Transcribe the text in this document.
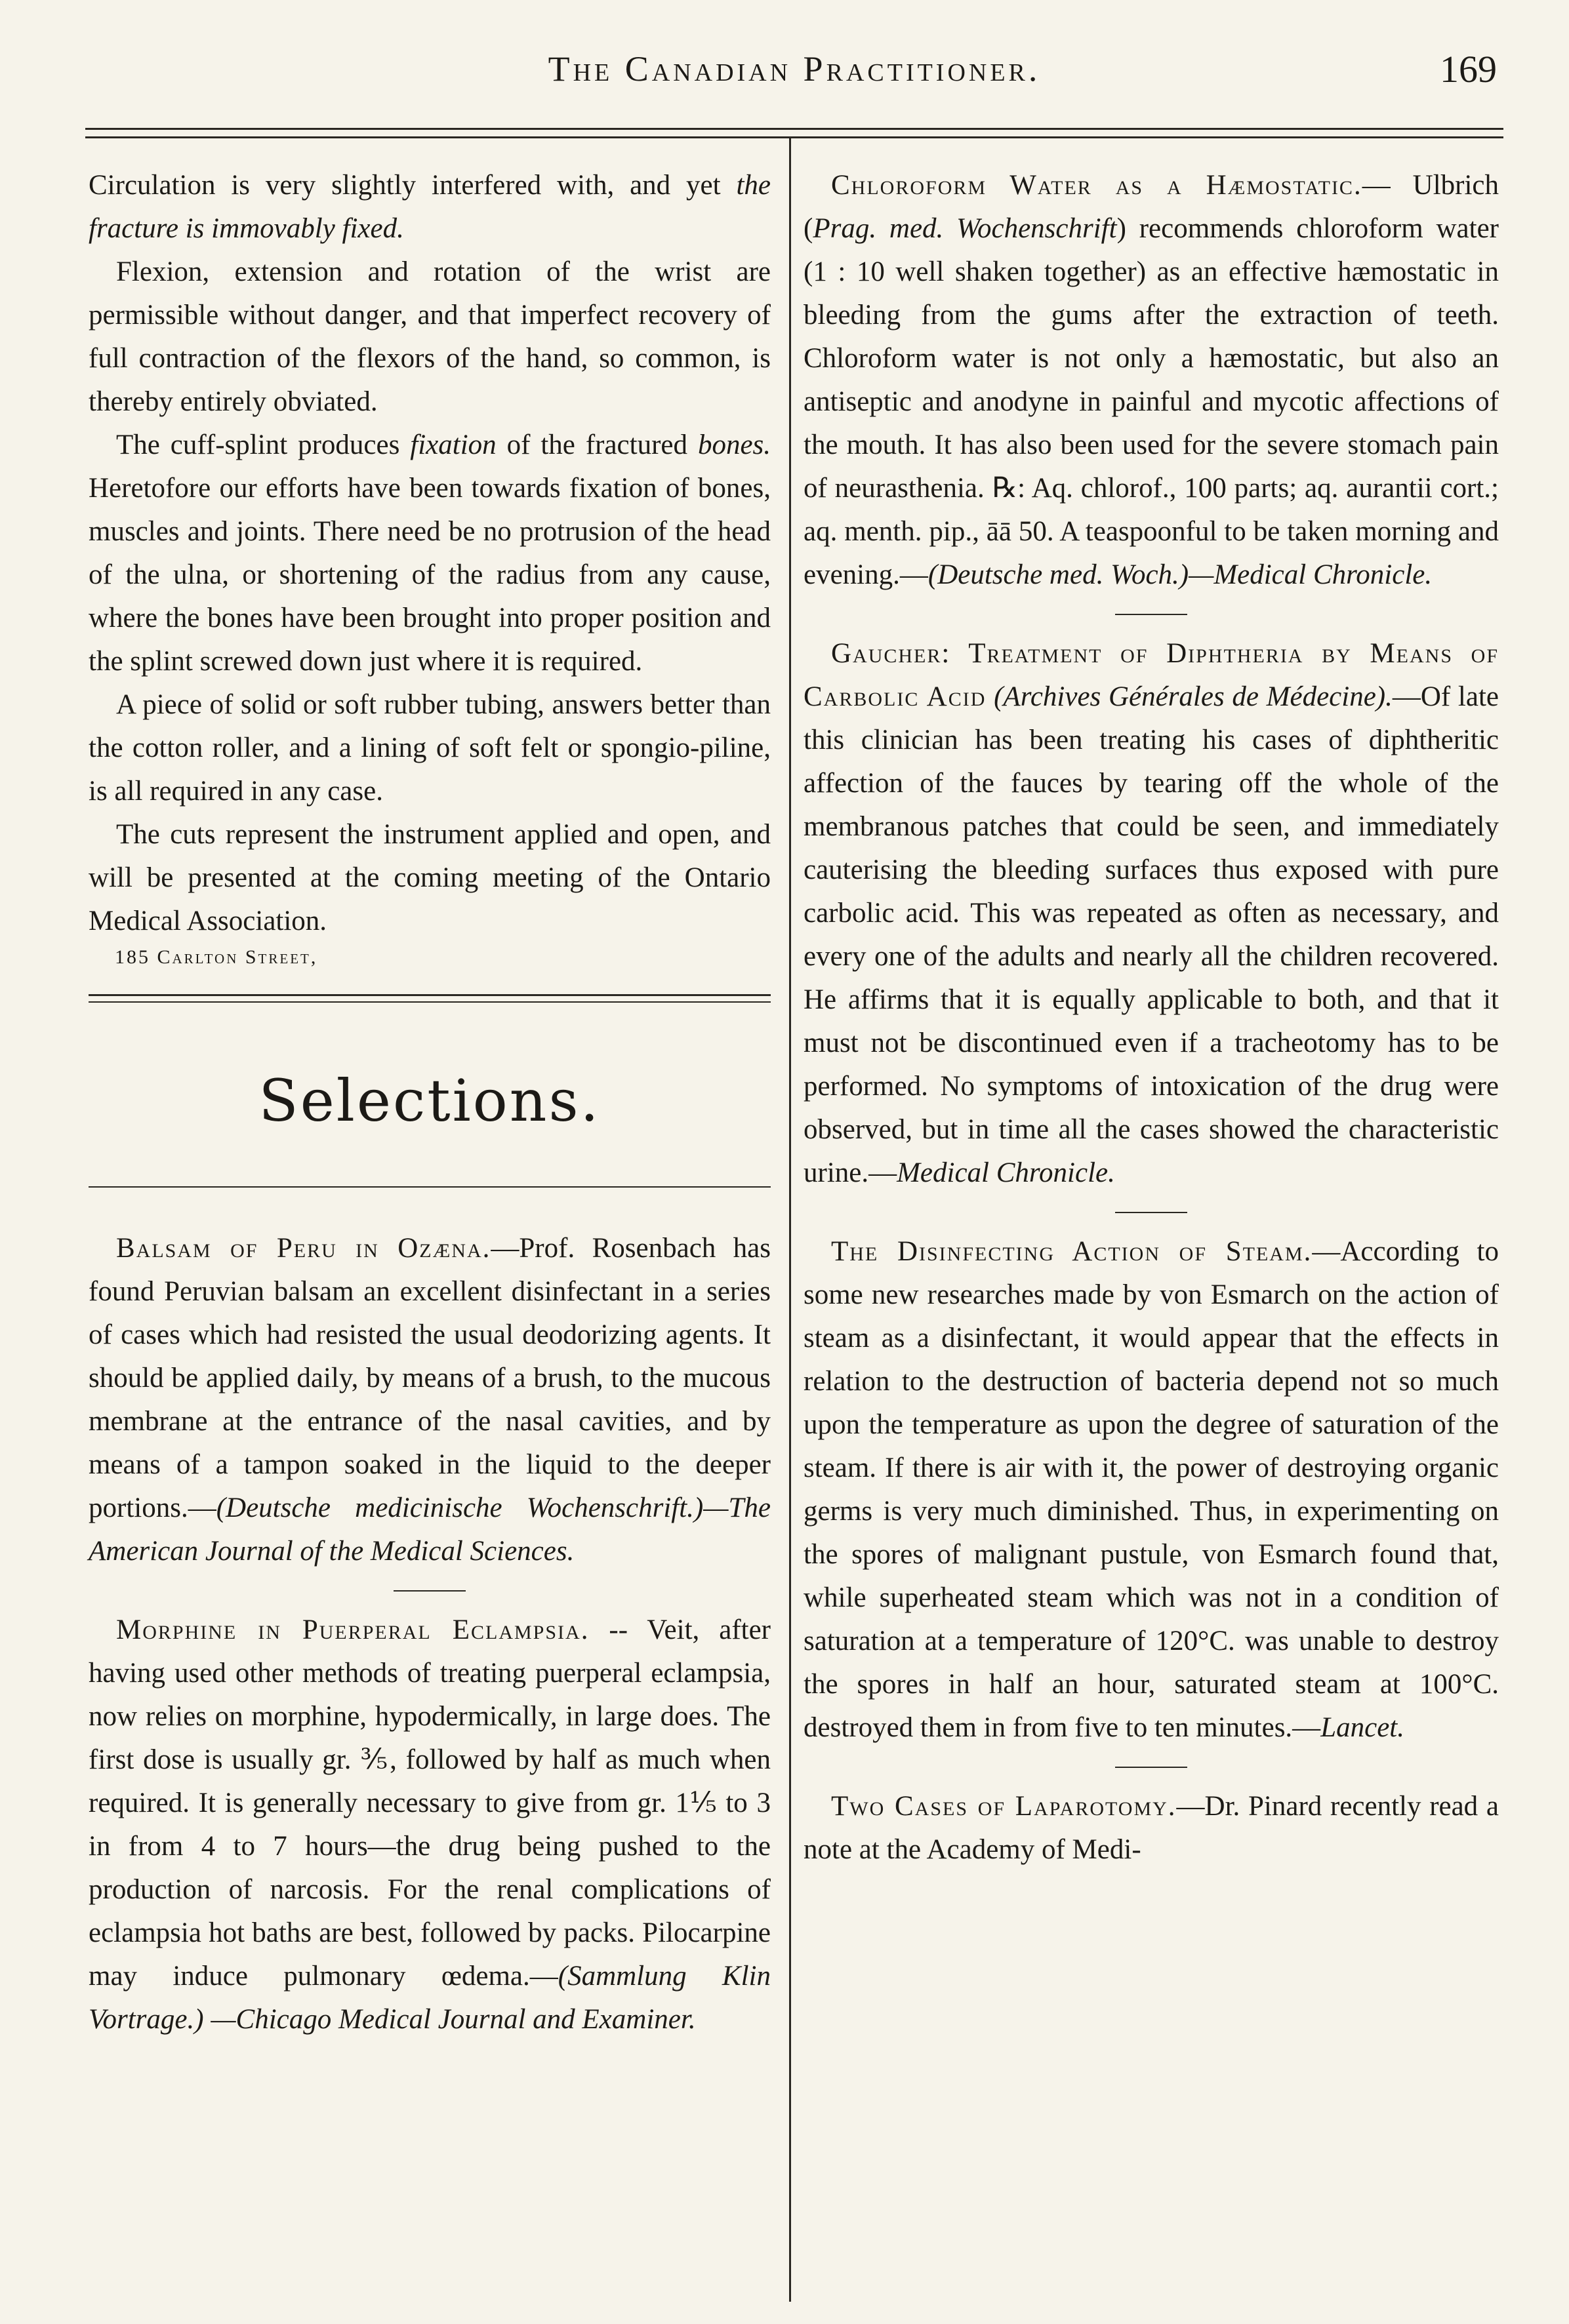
The Canadian Practitioner.	169

Circulation is very slightly interfered with, and yet the fracture is immovably fixed.

Flexion, extension and rotation of the wrist are permissible without danger, and that imperfect recovery of full contraction of the flexors of the hand, so common, is thereby entirely obviated.

The cuff-splint produces fixation of the fractured bones. Heretofore our efforts have been towards fixation of bones, muscles and joints. There need be no protrusion of the head of the ulna, or shortening of the radius from any cause, where the bones have been brought into proper position and the splint screwed down just where it is required.

A piece of solid or soft rubber tubing, answers better than the cotton roller, and a lining of soft felt or spongio-piline, is all required in any case.

The cuts represent the instrument applied and open, and will be presented at the coming meeting of the Ontario Medical Association.

185 Carlton Street,
Selections.

Balsam of Peru in Ozæna.—Prof. Rosenbach has found Peruvian balsam an excellent disinfectant in a series of cases which had resisted the usual deodorizing agents. It should be applied daily, by means of a brush, to the mucous membrane at the entrance of the nasal cavities, and by means of a tampon soaked in the liquid to the deeper portions.—(Deutsche medicinische Wochenschrift.)—The American Journal of the Medical Sciences.

Morphine in Puerperal Eclampsia. -- Veit, after having used other methods of treating puerperal eclampsia, now relies on morphine, hypodermically, in large does. The first dose is usually gr. ⅗, followed by half as much when required. It is generally necessary to give from gr. 1⅕ to 3 in from 4 to 7 hours—the drug being pushed to the production of narcosis. For the renal complications of eclampsia hot baths are best, followed by packs. Pilocarpine may induce pulmonary œdema.—(Sammlung Klin Vortrage.) —Chicago Medical Journal and Examiner.

Chloroform Water as a Hæmostatic.— Ulbrich (Prag. med. Wochenschrift) recommends chloroform water (1 : 10 well shaken together) as an effective hæmostatic in bleeding from the gums after the extraction of teeth. Chloroform water is not only a hæmostatic, but also an antiseptic and anodyne in painful and mycotic affections of the mouth. It has also been used for the severe stomach pain of neurasthenia. ℞: Aq. chlorof., 100 parts; aq. aurantii cort.; aq. menth. pip., āā 50. A teaspoonful to be taken morning and evening.—(Deutsche med. Woch.)—Medical Chronicle.

Gaucher: Treatment of Diphtheria by Means of Carbolic Acid (Archives Générales de Médecine).—Of late this clinician has been treating his cases of diphtheritic affection of the fauces by tearing off the whole of the membranous patches that could be seen, and immediately cauterising the bleeding surfaces thus exposed with pure carbolic acid. This was repeated as often as necessary, and every one of the adults and nearly all the children recovered. He affirms that it is equally applicable to both, and that it must not be discontinued even if a tracheotomy has to be performed. No symptoms of intoxication of the drug were observed, but in time all the cases showed the characteristic urine.—Medical Chronicle.

The Disinfecting Action of Steam.—According to some new researches made by von Esmarch on the action of steam as a disinfectant, it would appear that the effects in relation to the destruction of bacteria depend not so much upon the temperature as upon the degree of saturation of the steam. If there is air with it, the power of destroying organic germs is very much diminished. Thus, in experimenting on the spores of malignant pustule, von Esmarch found that, while superheated steam which was not in a condition of saturation at a temperature of 120°C. was unable to destroy the spores in half an hour, saturated steam at 100°C. destroyed them in from five to ten minutes.—Lancet.

Two Cases of Laparotomy.—Dr. Pinard recently read a note at the Academy of Medi-
